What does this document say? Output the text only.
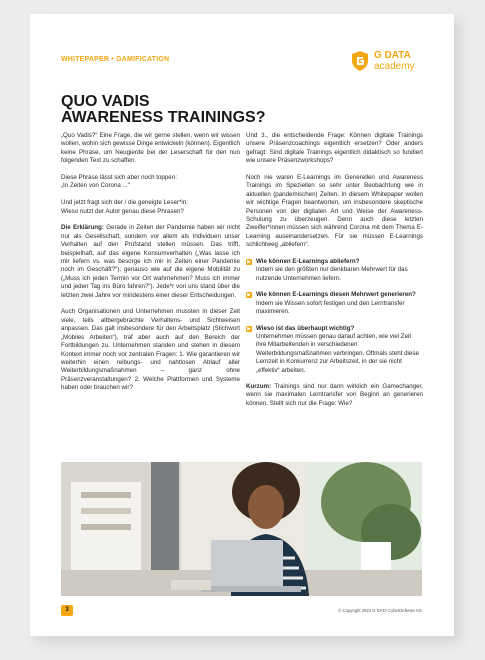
WHITEPAPER • GAMIFICATION	G DATA
academy
QUO VADIS
AWARENESS TRAININGS?

„Quo Vadis?“ Eine Frage, die wir gerne stellen, wenn wir wissen wollen, wohin sich gewisse Dinge entwickeln (können). Eigentlich keine Phrase, um Neugierde bei der Leserschaft für den nun folgenden Text zu schaffen.

Diese Phrase lässt sich aber noch toppen:
„In Zeiten von Corona ...“

Und jetzt fragt sich der / die geneigte Leser*in:
Wieso nutzt der Autor genau diese Phrasen?

Die Erklärung: Gerade in Zeiten der Pandemie haben wir nicht nur als Gesellschaft, sondern vor allem als Individuen unser Verhalten auf den Prüfstand stellen müssen. Das trifft, beispielhaft, auf das eigene Konsumverhalten („Was lasse ich mir liefern vs. was besorge ich mir in Zeiten einer Pandemie noch im Geschäft?“), genauso wie auf die eigene Mobilität zu („Muss ich jeden Termin vor Ort wahrnehmen? Muss ich immer und jeden Tag ins Büro fahren?“). Jede*r von uns stand über die letzten zwei Jahre vor mindestens einer dieser Entscheidungen.

Auch Organisationen und Unternehmen mussten in dieser Zeit viele, teils altbergebrachte Verhaltens- und Sichtweisen anpassen. Das galt insbesondere für den Arbeitsplatz (Stichwort „Mobiles Arbeiten“), traf aber auch auf den Bereich der Fortbildungen zu. Unternehmen standen und stehen in diesem Kontext immer noch vor zentralen Fragen: 1. Wie garantieren wir weiterhin einen reibungs- und nahtlosen Ablauf aller Weiterbildungsmaßnahmen – ganz ohne Präsenzveranstaltungen? 2. Welche Plattformen und Systeme haben oder brauchen wir?

Und 3., die entscheidende Frage: Können digitale Trainings unsere Präsenzcoachings eigentlich ersetzen? Oder anders gefragt: Sind digitale Trainings eigentlich didaktisch so fundiert wie unsere Präsenzworkshops?

Noch nie waren E-Learnings im Generellen und Awareness Trainings im Speziellen so sehr unter Beobachtung wie in aktuellen (pandemischen) Zeiten. In diesem Whitepaper wollen wir wichtige Fragen beantworten, um insbesondere skeptische Personen von der digitalen Art und Weise der Awareness-Schulung zu überzeugen. Denn auch diese letzten Zweifler*innen müssen sich während Corona mit dem Thema E-Learning auseinandersetzen. Für sie müssen E-Learnings schlichtweg „abliefern“.

▶ Wie können E-Learnings abliefern?
Indem sie den größten nur denkbaren Mehrwert für das nutzende Unternehmen liefern.
▶ Wie können E-Learnings diesen Mehrwert generieren?
Indem sie Wissen sofort festigen und den Lerntransfer maximieren.
▶ Wieso ist das überhaupt wichtig?
Unternehmen müssen genau darauf achten, wie viel Zeit ihre Mitarbeitenden in verschiedenen Weiterbildungsmaßnahmen verbringen. Oftmals steht diese Lernzeit in Konkurrenz zur Arbeitszeit, in der sie nicht „effektiv“ arbeiten.

Kurzum: Trainings sind nur dann wirklich ein Gamechanger, wenn sie maximalen Lerntransfer von Beginn an generieren können. Stellt sich nur die Frage: Wie?

3	© Copyright 2022 G DATA CyberDefense AG.
